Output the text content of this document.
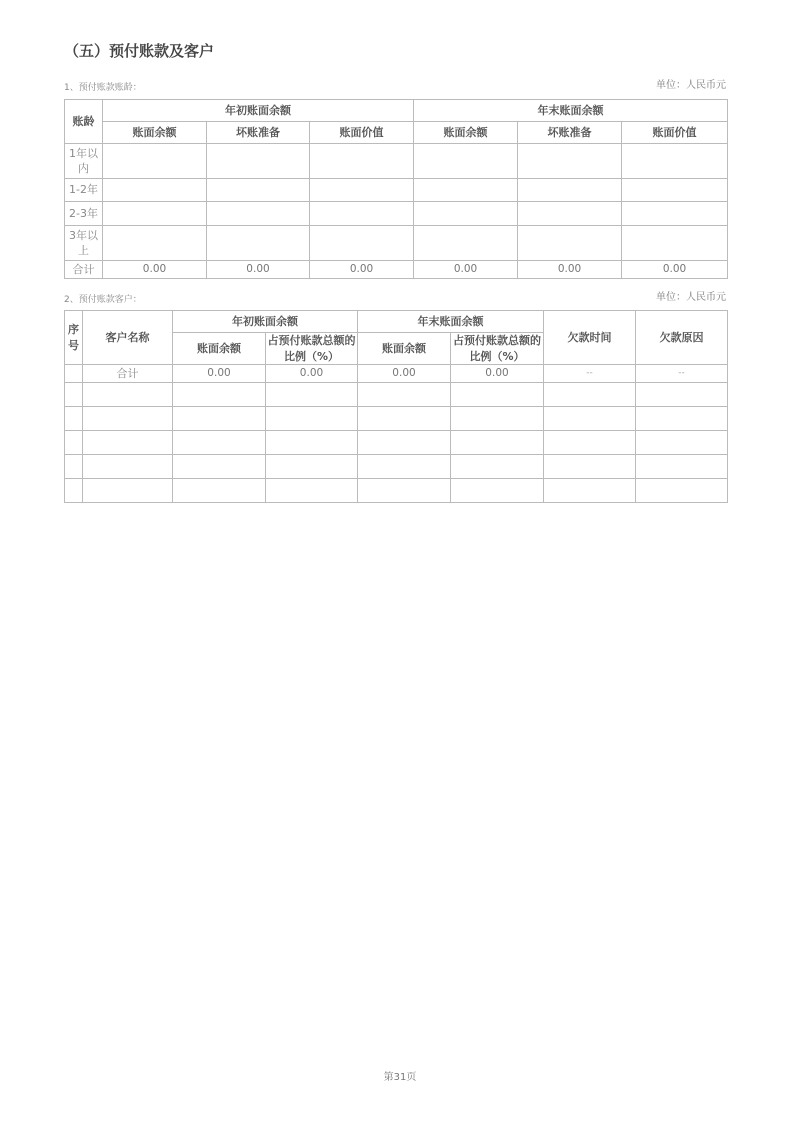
（五）预付账款及客户
1、预付账款账龄：	单位：人民币元
账龄	年初账面余额			年末账面余额		
	账面余额	坏账准备	账面价值	账面余额	坏账准备	账面价值
1年以内						
1-2年						
2-3年						
3年以上						
合计	0.00	0.00	0.00	0.00	0.00	0.00
2、预付账款客户：	单位：人民币元
序号	客户名称	年初账面余额		年末账面余额		欠款时间	欠款原因
		账面余额	占预付账款总额的比例（%）	账面余额	占预付账款总额的比例（%）		
	合计	0.00	0.00	0.00	0.00	--	--

第31页
